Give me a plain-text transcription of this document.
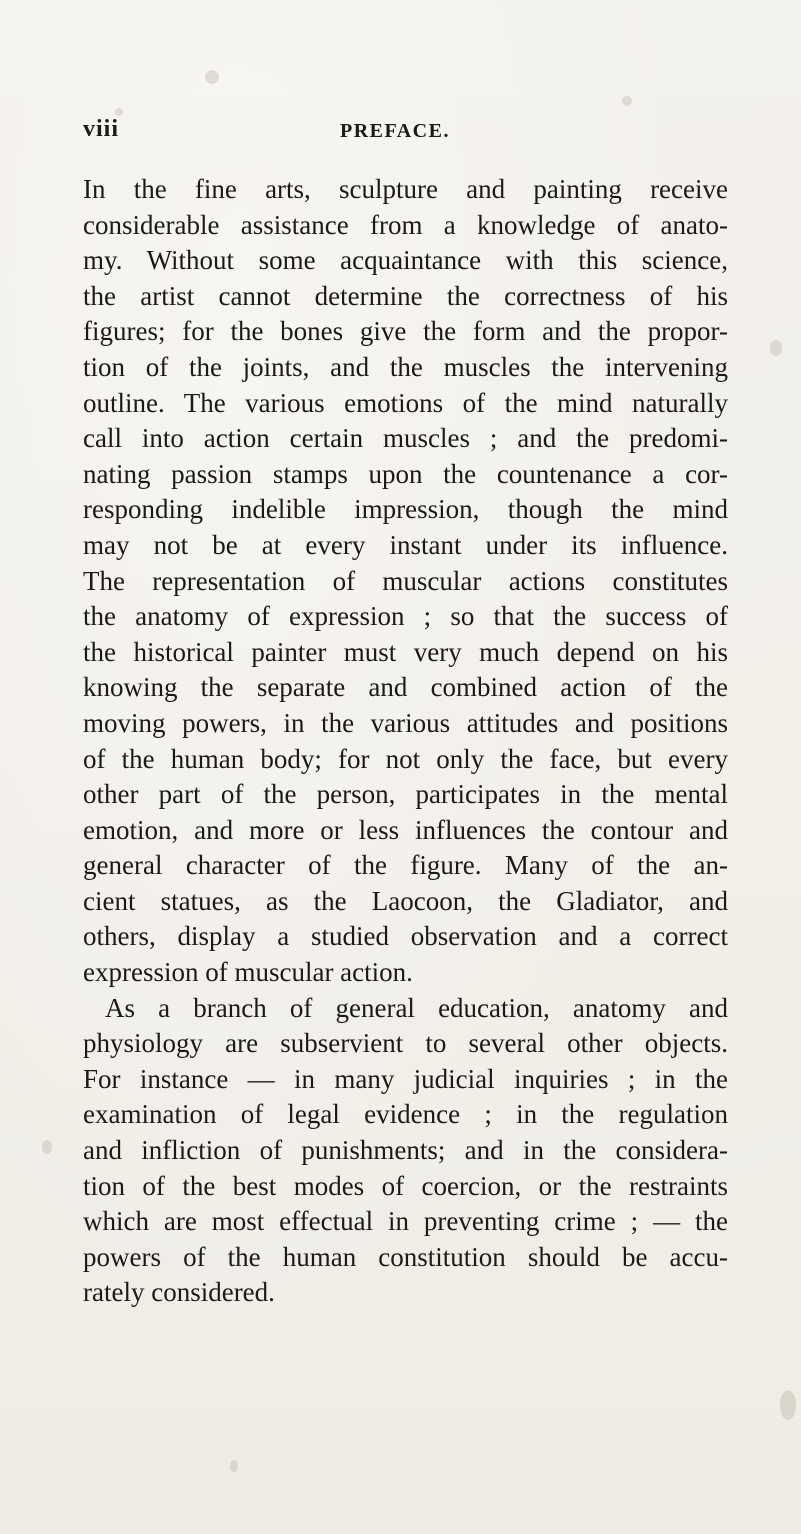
viii	PREFACE.
In the fine arts, sculpture and painting receive
considerable assistance from a knowledge of anato-
my. Without some acquaintance with this science,
the artist cannot determine the correctness of his
figures; for the bones give the form and the propor-
tion of the joints, and the muscles the intervening
outline. The various emotions of the mind naturally
call into action certain muscles ; and the predomi-
nating passion stamps upon the countenance a cor-
responding indelible impression, though the mind
may not be at every instant under its influence.
The representation of muscular actions constitutes
the anatomy of expression ; so that the success of
the historical painter must very much depend on his
knowing the separate and combined action of the
moving powers, in the various attitudes and positions
of the human body; for not only the face, but every
other part of the person, participates in the mental
emotion, and more or less influences the contour and
general character of the figure. Many of the an-
cient statues, as the Laocoon, the Gladiator, and
others, display a studied observation and a correct
expression of muscular action.
As a branch of general education, anatomy and
physiology are subservient to several other objects.
For instance — in many judicial inquiries ; in the
examination of legal evidence ; in the regulation
and infliction of punishments; and in the considera-
tion of the best modes of coercion, or the restraints
which are most effectual in preventing crime ; — the
powers of the human constitution should be accu-
rately considered.
